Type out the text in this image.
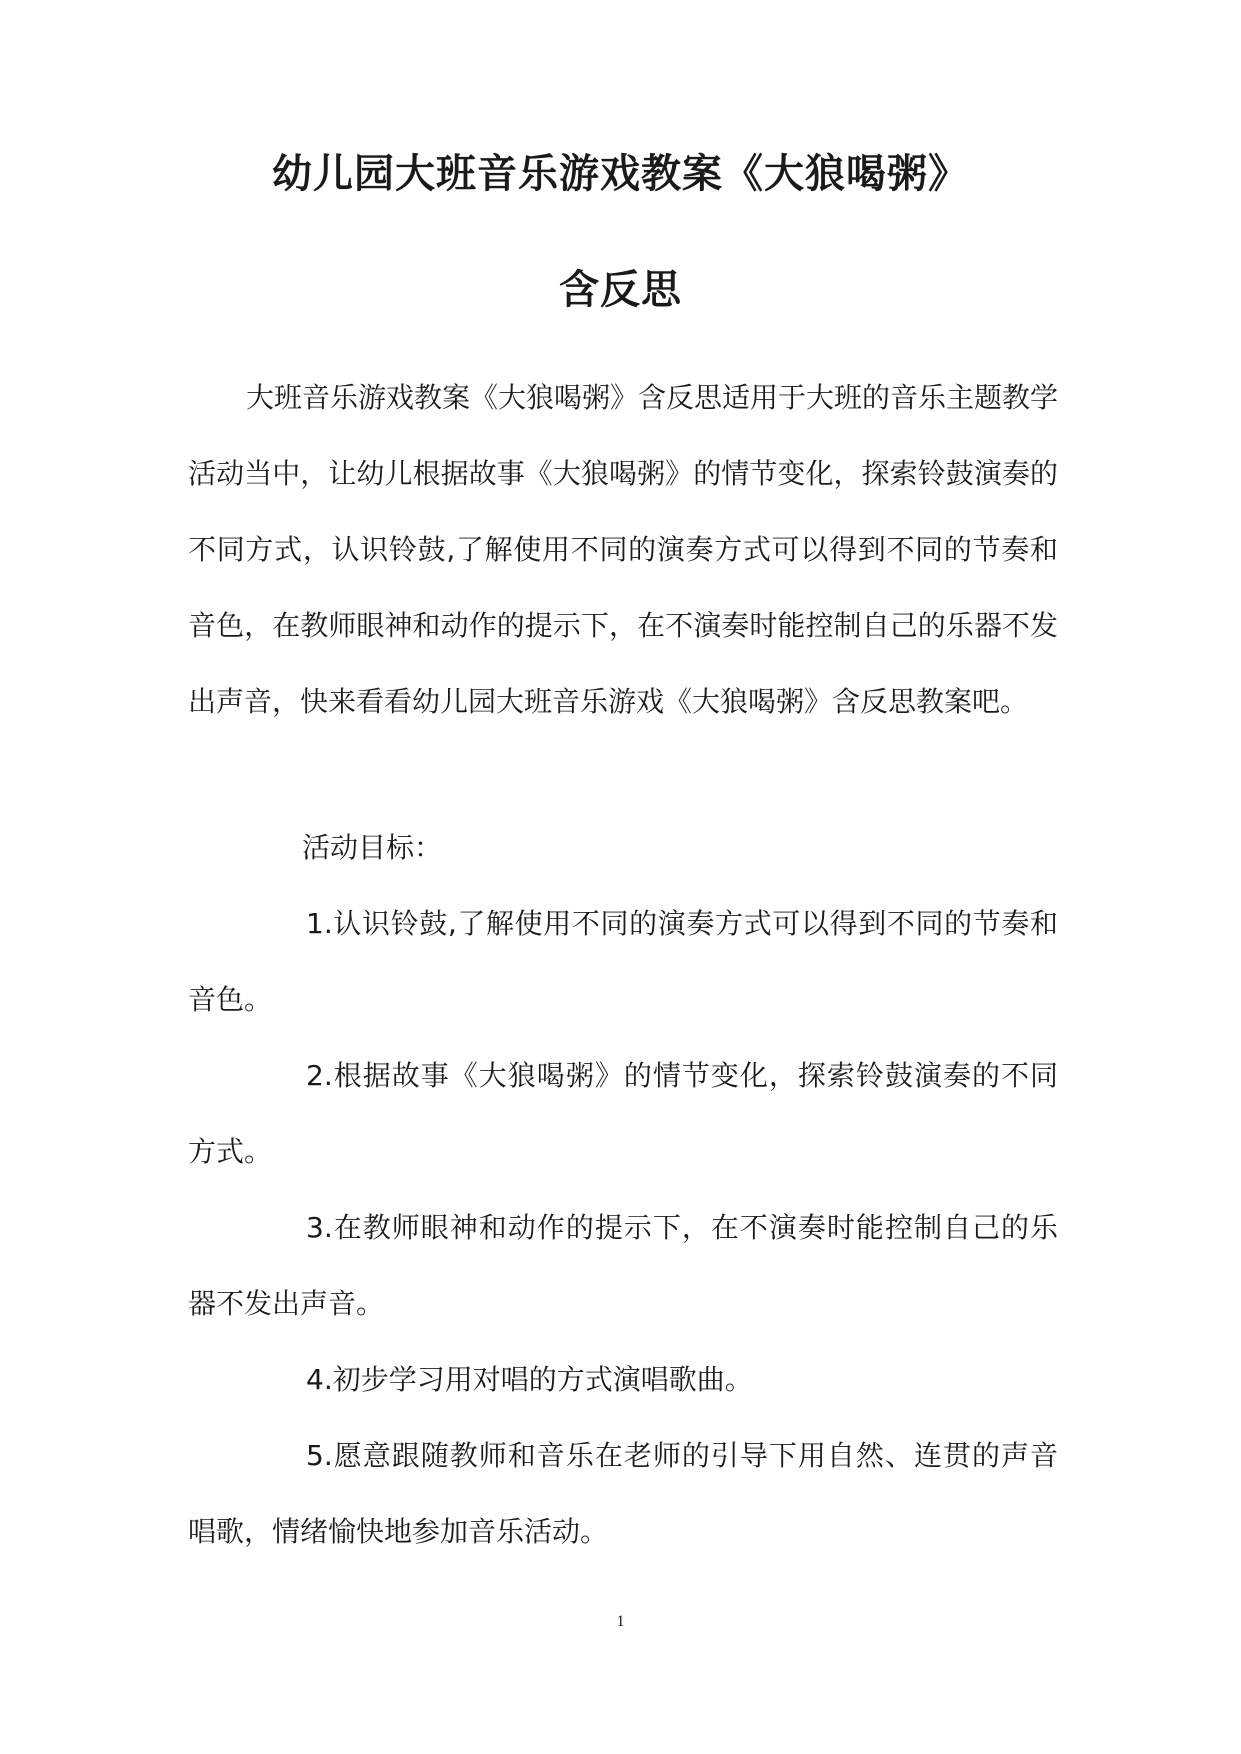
幼儿园大班音乐游戏教案《大狼喝粥》
含反思

大班音乐游戏教案《大狼喝粥》含反思适用于大班的音乐主题教学活动当中，让幼儿根据故事《大狼喝粥》的情节变化，探索铃鼓演奏的不同方式，认识铃鼓,了解使用不同的演奏方式可以得到不同的节奏和音色，在教师眼神和动作的提示下，在不演奏时能控制自己的乐器不发出声音，快来看看幼儿园大班音乐游戏《大狼喝粥》含反思教案吧。

活动目标：

1.认识铃鼓,了解使用不同的演奏方式可以得到不同的节奏和音色。

2.根据故事《大狼喝粥》的情节变化，探索铃鼓演奏的不同方式。

3.在教师眼神和动作的提示下，在不演奏时能控制自己的乐器不发出声音。

4.初步学习用对唱的方式演唱歌曲。

5.愿意跟随教师和音乐在老师的引导下用自然、连贯的声音唱歌，情绪愉快地参加音乐活动。

1
